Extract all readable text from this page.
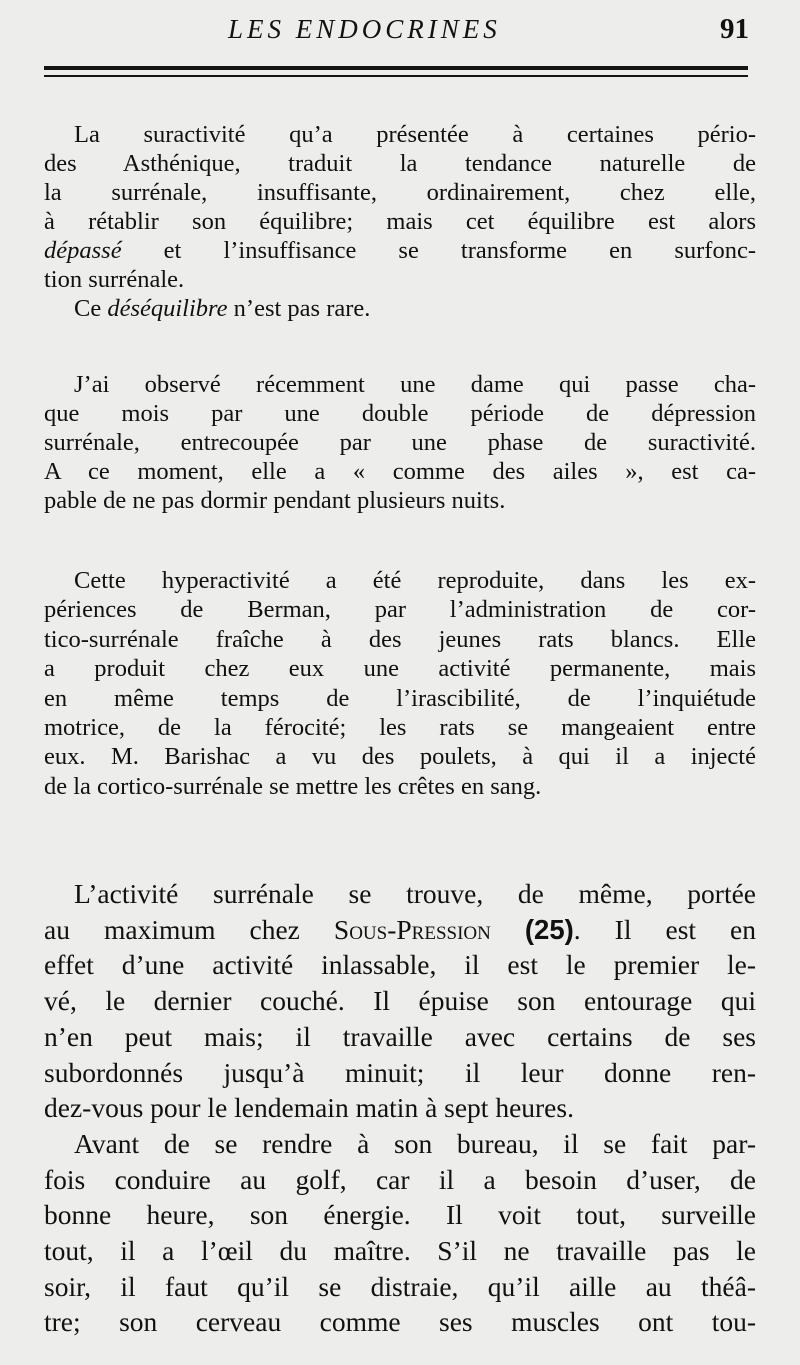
LES ENDOCRINES	91

La suractivité qu’a présentée à certaines pério-
des Asthénique, traduit la tendance naturelle de
la surrénale, insuffisante, ordinairement, chez elle,
à rétablir son équilibre; mais cet équilibre est alors
dépassé et l’insuffisance se transforme en surfonc-
tion surrénale.

Ce déséquilibre n’est pas rare.

J’ai observé récemment une dame qui passe cha-
que mois par une double période de dépression
surrénale, entrecoupée par une phase de suractivité.
A ce moment, elle a « comme des ailes », est ca-
pable de ne pas dormir pendant plusieurs nuits.

Cette hyperactivité a été reproduite, dans les ex-
périences de Berman, par l’administration de cor-
tico-surrénale fraîche à des jeunes rats blancs. Elle
a produit chez eux une activité permanente, mais
en même temps de l’irascibilité, de l’inquiétude
motrice, de la férocité; les rats se mangeaient entre
eux. M. Barishac a vu des poulets, à qui il a injecté
de la cortico-surrénale se mettre les crêtes en sang.

L’activité surrénale se trouve, de même, portée
au maximum chez Sous-Pression (25). Il est en
effet d’une activité inlassable, il est le premier le-
vé, le dernier couché. Il épuise son entourage qui
n’en peut mais; il travaille avec certains de ses
subordonnés jusqu’à minuit; il leur donne ren-
dez-vous pour le lendemain matin à sept heures.

Avant de se rendre à son bureau, il se fait par-
fois conduire au golf, car il a besoin d’user, de
bonne heure, son énergie. Il voit tout, surveille
tout, il a l’œil du maître. S’il ne travaille pas le
soir, il faut qu’il se distraie, qu’il aille au théâ-
tre; son cerveau comme ses muscles ont tou-
